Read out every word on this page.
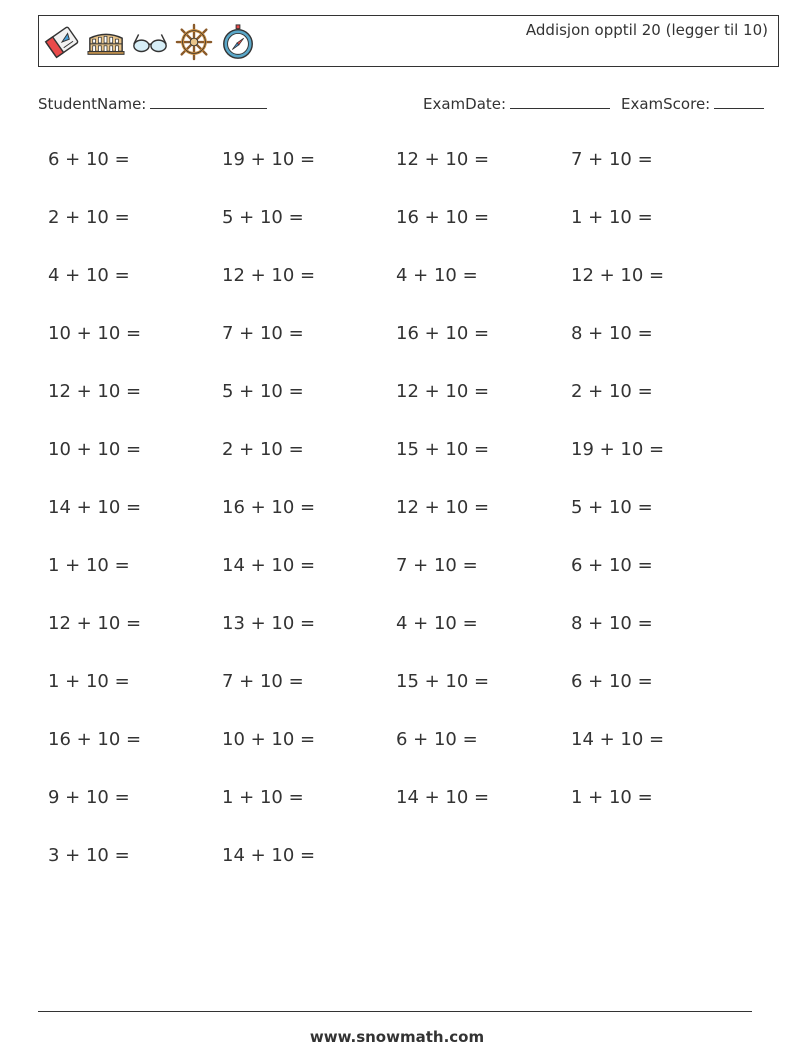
Addisjon opptil 20 (legger til 10)
StudentName:	ExamDate:	ExamScore:
6 + 10 =	19 + 10 =	12 + 10 =	7 + 10 =
2 + 10 =	5 + 10 =	16 + 10 =	1 + 10 =
4 + 10 =	12 + 10 =	4 + 10 =	12 + 10 =
10 + 10 =	7 + 10 =	16 + 10 =	8 + 10 =
12 + 10 =	5 + 10 =	12 + 10 =	2 + 10 =
10 + 10 =	2 + 10 =	15 + 10 =	19 + 10 =
14 + 10 =	16 + 10 =	12 + 10 =	5 + 10 =
1 + 10 =	14 + 10 =	7 + 10 =	6 + 10 =
12 + 10 =	13 + 10 =	4 + 10 =	8 + 10 =
1 + 10 =	7 + 10 =	15 + 10 =	6 + 10 =
16 + 10 =	10 + 10 =	6 + 10 =	14 + 10 =
9 + 10 =	1 + 10 =	14 + 10 =	1 + 10 =
3 + 10 =	14 + 10 =
www.snowmath.com
